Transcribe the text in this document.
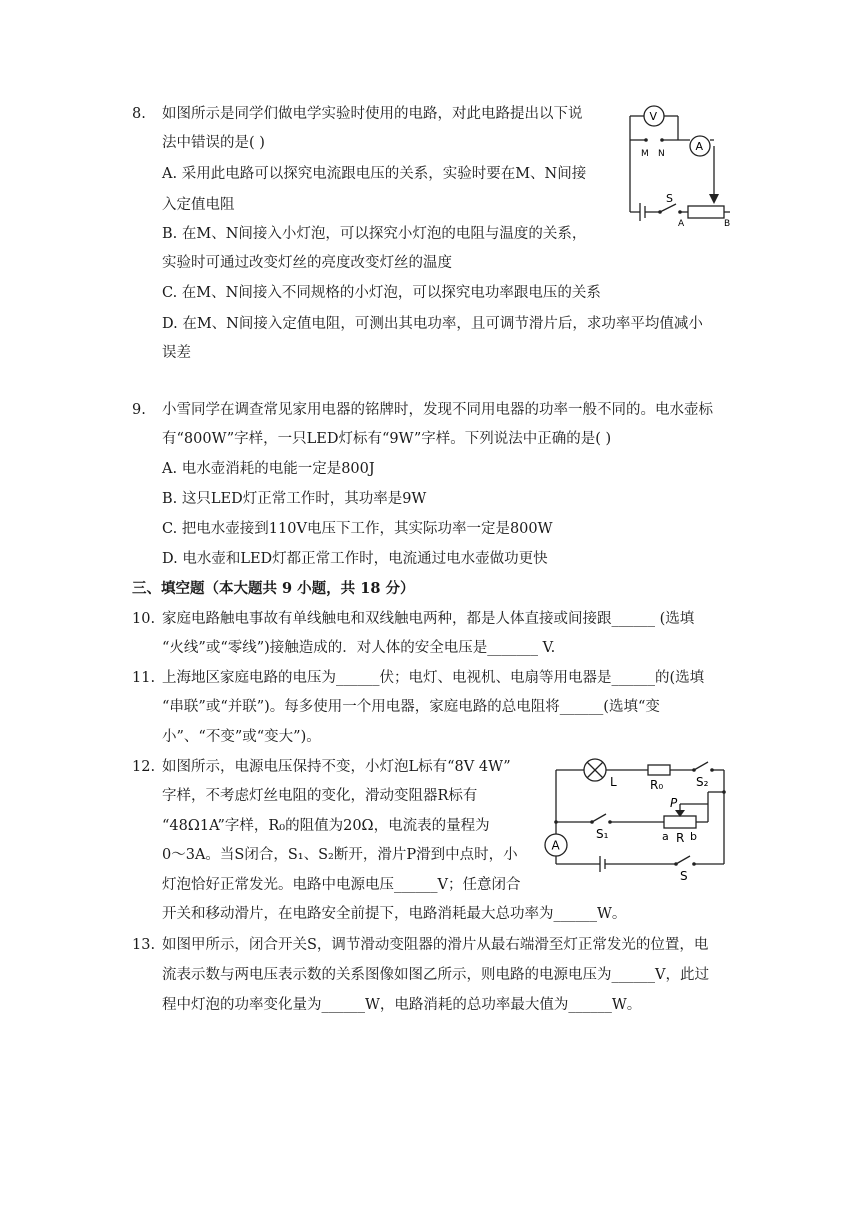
8. 如图所示是同学们做电学实验时使用的电路，对此电路提出以下说
法中错误的是( )
A. 采用此电路可以探究电流跟电压的关系，实验时要在M、N间接
入定值电阻
B. 在M、N间接入小灯泡，可以探究小灯泡的电阻与温度的关系，
实验时可通过改变灯丝的亮度改变灯丝的温度
C. 在M、N间接入不同规格的小灯泡，可以探究电功率跟电压的关系
D. 在M、N间接入定值电阻，可测出其电功率，且可调节滑片后，求功率平均值减小
误差
V
A
M N
S
A	B
9. 小雪同学在调查常见家用电器的铭牌时，发现不同用电器的功率一般不同的。电水壶标
有“800W”字样，一只LED灯标有“9W”字样。下列说法中正确的是( )
A. 电水壶消耗的电能一定是800J
B. 这只LED灯正常工作时，其功率是9W
C. 把电水壶接到110V电压下工作，其实际功率一定是800W
D. 电水壶和LED灯都正常工作时，电流通过电水壶做功更快
三、填空题（本大题共 9 小题，共 18 分）
10. 家庭电路触电事故有单线触电和双线触电两种，都是人体直接或间接跟______ (选填
“火线”或“零线”)接触造成的．对人体的安全电压是_______ V.
11. 上海地区家庭电路的电压为______伏；电灯、电视机、电扇等用电器是______的(选填
“串联”或“并联”)。每多使用一个用电器，家庭电路的总电阻将______(选填“变
小”、“不变”或“变大”)。
12. 如图所示，电源电压保持不变，小灯泡L标有“8V 4W”
字样，不考虑灯丝电阻的变化，滑动变阻器R标有
“48Ω1A”字样，R₀的阻值为20Ω，电流表的量程为
0～3A。当S闭合，S₁、S₂断开，滑片P滑到中点时，小
灯泡恰好正常发光。电路中电源电压______V；任意闭合
开关和移动滑片，在电路安全前提下，电路消耗最大总功率为______W。
L	R₀	S₂
S₁
P
a R b
A
S
13. 如图甲所示，闭合开关S，调节滑动变阻器的滑片从最右端滑至灯正常发光的位置，电
流表示数与两电压表示数的关系图像如图乙所示，则电路的电源电压为______V，此过
程中灯泡的功率变化量为______W，电路消耗的总功率最大值为______W。
